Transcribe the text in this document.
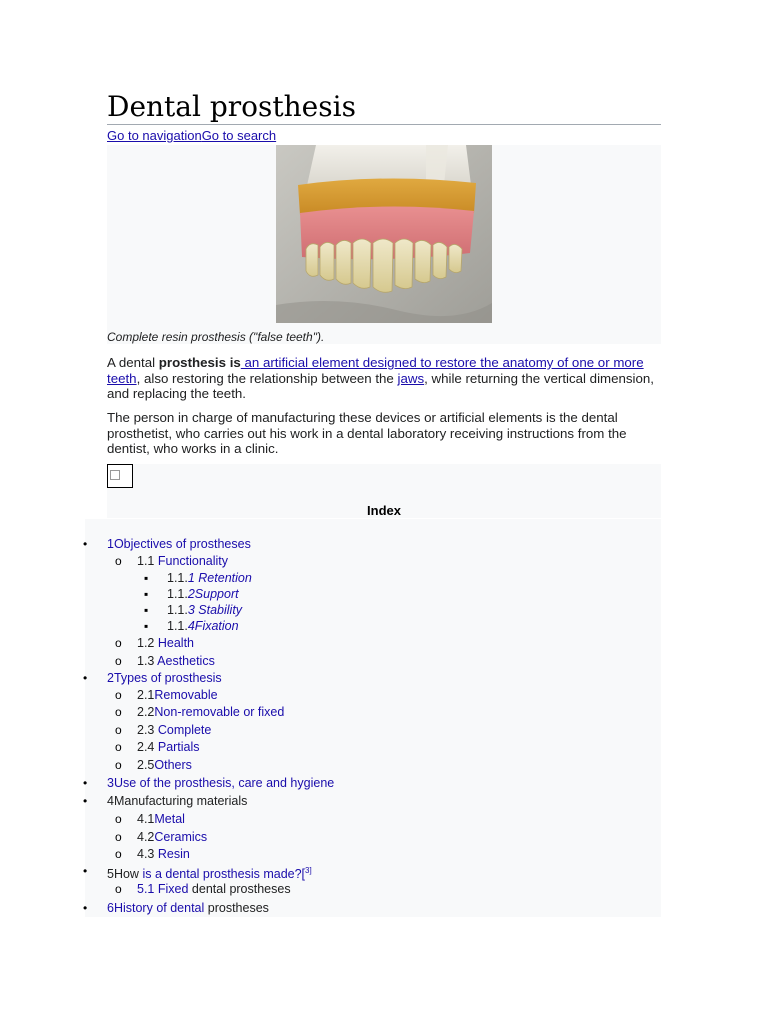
Dental prosthesis
Go to navigationGo to search
Complete resin prosthesis ("false teeth").

A dental prosthesis is an artificial element designed to restore the anatomy of one or more teeth, also restoring the relationship between the jaws, while returning the vertical dimension, and replacing the teeth.

The person in charge of manufacturing these devices or artificial elements is the dental prosthetist, who carries out his work in a dental laboratory receiving instructions from the dentist, who works in a clinic.

Index
• 1Objectives of prostheses
o 1.1 Functionality
▪ 1.1.1 Retention
▪ 1.1.2Support
▪ 1.1.3 Stability
▪ 1.1.4Fixation
o 1.2 Health
o 1.3 Aesthetics
• 2Types of prosthesis
o 2.1Removable
o 2.2Non-removable or fixed
o 2.3 Complete
o 2.4 Partials
o 2.5Others
• 3Use of the prosthesis, care and hygiene
• 4Manufacturing materials
o 4.1Metal
o 4.2Ceramics
o 4.3 Resin
• 5How is a dental prosthesis made?[$^{3]}$
o 5.1 Fixed dental prostheses
• 6History of dental prostheses
